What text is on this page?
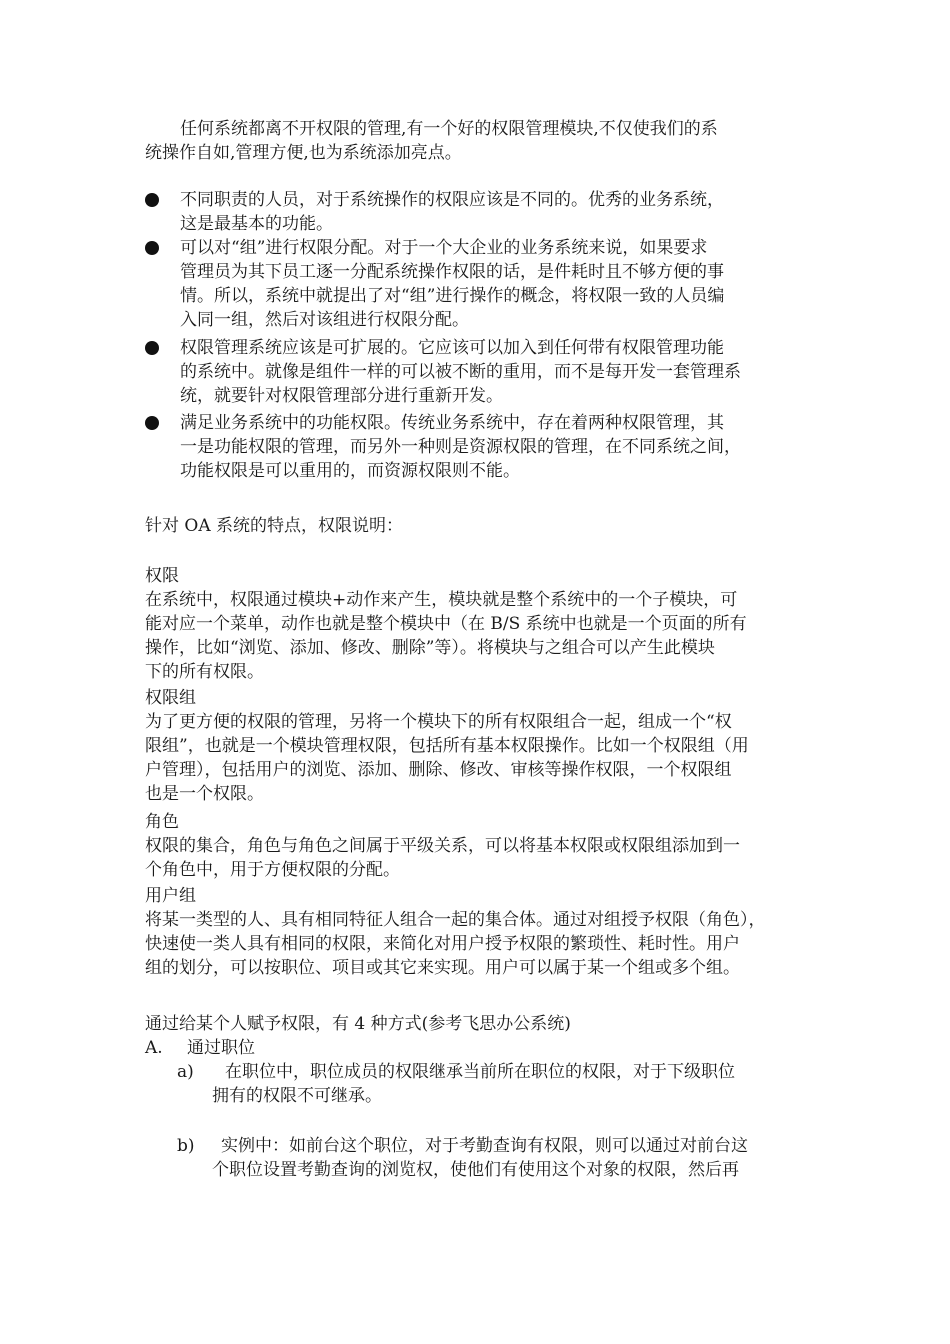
任何系统都离不开权限的管理,有一个好的权限管理模块,不仅使我们的系
统操作自如,管理方便,也为系统添加亮点。
不同职责的人员，对于系统操作的权限应该是不同的。优秀的业务系统，
这是最基本的功能。
可以对“组”进行权限分配。对于一个大企业的业务系统来说，如果要求
管理员为其下员工逐一分配系统操作权限的话，是件耗时且不够方便的事
情。所以，系统中就提出了对“组”进行操作的概念，将权限一致的人员编
入同一组，然后对该组进行权限分配。
权限管理系统应该是可扩展的。它应该可以加入到任何带有权限管理功能
的系统中。就像是组件一样的可以被不断的重用，而不是每开发一套管理系
统，就要针对权限管理部分进行重新开发。
满足业务系统中的功能权限。传统业务系统中，存在着两种权限管理，其
一是功能权限的管理，而另外一种则是资源权限的管理，在不同系统之间，
功能权限是可以重用的，而资源权限则不能。
针对 OA 系统的特点，权限说明：
权限
在系统中，权限通过模块+动作来产生，模块就是整个系统中的一个子模块，可
能对应一个菜单，动作也就是整个模块中（在 B/S 系统中也就是一个页面的所有
操作，比如“浏览、添加、修改、删除”等）。将模块与之组合可以产生此模块
下的所有权限。
权限组
为了更方便的权限的管理，另将一个模块下的所有权限组合一起，组成一个“权
限组”，也就是一个模块管理权限，包括所有基本权限操作。比如一个权限组（用
户管理），包括用户的浏览、添加、删除、修改、审核等操作权限，一个权限组
也是一个权限。
角色
权限的集合，角色与角色之间属于平级关系，可以将基本权限或权限组添加到一
个角色中，用于方便权限的分配。
用户组
将某一类型的人、具有相同特征人组合一起的集合体。通过对组授予权限（角色），
快速使一类人具有相同的权限，来简化对用户授予权限的繁琐性、耗时性。用户
组的划分，可以按职位、项目或其它来实现。用户可以属于某一个组或多个组。
通过给某个人赋予权限，有 4 种方式(参考飞思办公系统)
A. 通过职位
a) 在职位中，职位成员的权限继承当前所在职位的权限，对于下级职位
拥有的权限不可继承。
b) 实例中：如前台这个职位，对于考勤查询有权限，则可以通过对前台这
个职位设置考勤查询的浏览权，使他们有使用这个对象的权限，然后再
